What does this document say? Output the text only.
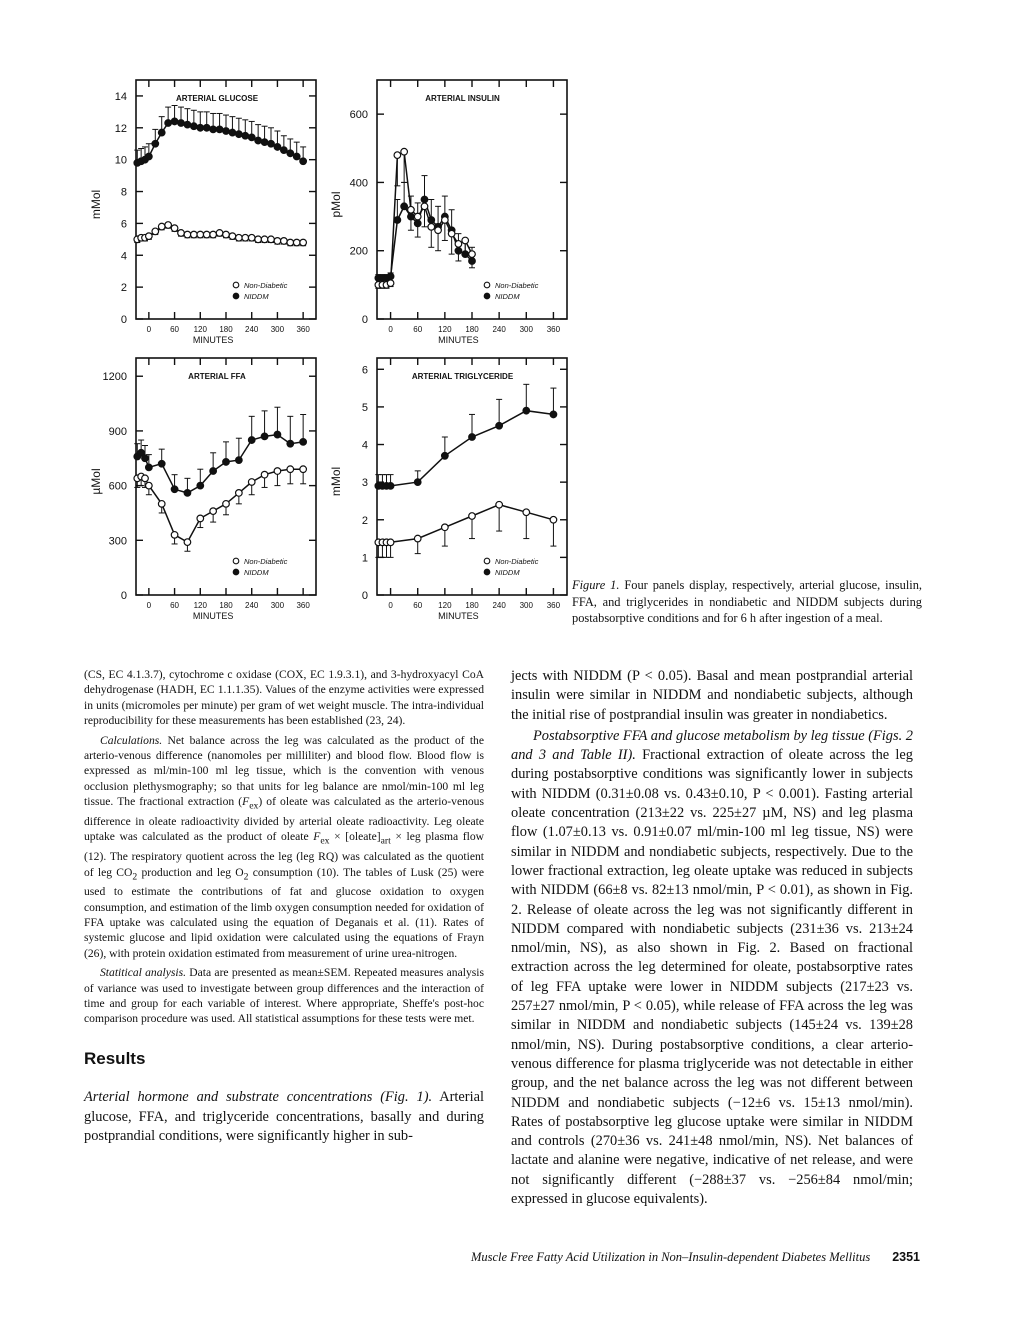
0
2
4
6
8
10
12
14
0 60 120 180 240 300 360
MINUTES
mMol
ARTERIAL GLUCOSE
Non-Diabetic
NIDDM
0
200
400
600
0	60 120 180 240 300 360
MINUTES
pMol
ARTERIAL INSULIN
Non-Diabetic
NIDDM
0
300
600
900
1200
0 60 120 180 240 300 360
MINUTES
µMol
ARTERIAL FFA
Non-Diabetic
NIDDM
0
1
2
3
4
5
6
0	60 120 180 240 300 360
MINUTES
mMol
ARTERIAL TRIGLYCERIDE
Non-Diabetic
NIDDM
Figure 1. Four panels display, respectively, arterial glucose, insulin, FFA, and triglycerides in nondiabetic and NIDDM subjects during postabsorptive conditions and for 6 h after ingestion of a meal.

(CS, EC 4.1.3.7), cytochrome c oxidase (COX, EC 1.9.3.1), and 3-hydroxyacyl CoA dehydrogenase (HADH, EC 1.1.1.35). Values of the enzyme activities were expressed in units (micromoles per minute) per gram of wet weight muscle. The intra-individual reproducibility for these measurements has been established (23, 24).

Calculations. Net balance across the leg was calculated as the product of the arterio-venous difference (nanomoles per milliliter) and blood flow. Blood flow is expressed as ml/min-100 ml leg tissue, which is the convention with venous occlusion plethysmography; so that units for leg balance are nmol/min-100 ml leg tissue. The fractional extraction $(F_{ex})$ of oleate was calculated as the arterio-venous difference in oleate radioactivity divided by arterial oleate radioactivity. Leg oleate uptake was calculated as the product of oleate $F_{ex}$ × $[oleate]_{art}$ × leg plasma flow (12). The respiratory quotient across the leg (leg RQ) was calculated as the quotient of leg $CO_2$ production and leg $O_2$ consumption (10). The tables of Lusk (25) were used to estimate the contributions of fat and glucose oxidation to oxygen consumption, and estimation of the limb oxygen consumption needed for oxidation of FFA uptake was calculated using the equation of Deganais et al. (11). Rates of systemic glucose and lipid oxidation were calculated using the equations of Frayn (26), with protein oxidation estimated from measurement of urine urea-nitrogen.

Statitical analysis. Data are presented as mean±SEM. Repeated measures analysis of variance was used to investigate between group differences and the interaction of time and group for each variable of interest. Where appropriate, Sheffe's post-hoc comparison procedure was used. All statistical assumptions for these tests were met.

Results

Arterial hormone and substrate concentrations (Fig. 1). Arterial glucose, FFA, and triglyceride concentrations, basally and during postprandial conditions, were significantly higher in sub-

jects with NIDDM (P < 0.05). Basal and mean postprandial arterial insulin were similar in NIDDM and nondiabetic subjects, although the initial rise of postprandial insulin was greater in nondiabetics.

Postabsorptive FFA and glucose metabolism by leg tissue (Figs. 2 and 3 and Table II). Fractional extraction of oleate across the leg during postabsorptive conditions was significantly lower in subjects with NIDDM (0.31±0.08 vs. 0.43±0.10, P < 0.001). Fasting arterial oleate concentration (213±22 vs. 225±27 µM, NS) and leg plasma flow (1.07±0.13 vs. 0.91±0.07 ml/min-100 ml leg tissue, NS) were similar in NIDDM and nondiabetic subjects, respectively. Due to the lower fractional extraction, leg oleate uptake was reduced in subjects with NIDDM (66±8 vs. 82±13 nmol/min, P < 0.01), as shown in Fig. 2. Release of oleate across the leg was not significantly different in NIDDM compared with nondiabetic subjects (231±36 vs. 213±24 nmol/min, NS), as also shown in Fig. 2. Based on fractional extraction across the leg determined for oleate, postabsorptive rates of leg FFA uptake were lower in NIDDM subjects (217±23 vs. 257±27 nmol/min, P < 0.05), while release of FFA across the leg was similar in NIDDM and nondiabetic subjects (145±24 vs. 139±28 nmol/min, NS). During postabsorptive conditions, a clear arterio-venous difference for plasma triglyceride was not detectable in either group, and the net balance across the leg was not different between NIDDM and nondiabetic subjects (−12±6 vs. 15±13 nmol/min). Rates of postabsorptive leg glucose uptake were similar in NIDDM and controls (270±36 vs. 241±48 nmol/min, NS). Net balances of lactate and alanine were negative, indicative of net release, and were not significantly different (−288±37 vs. −256±84 nmol/min; expressed in glucose equivalents).

Muscle Free Fatty Acid Utilization in Non–Insulin-dependent Diabetes Mellitus 2351
